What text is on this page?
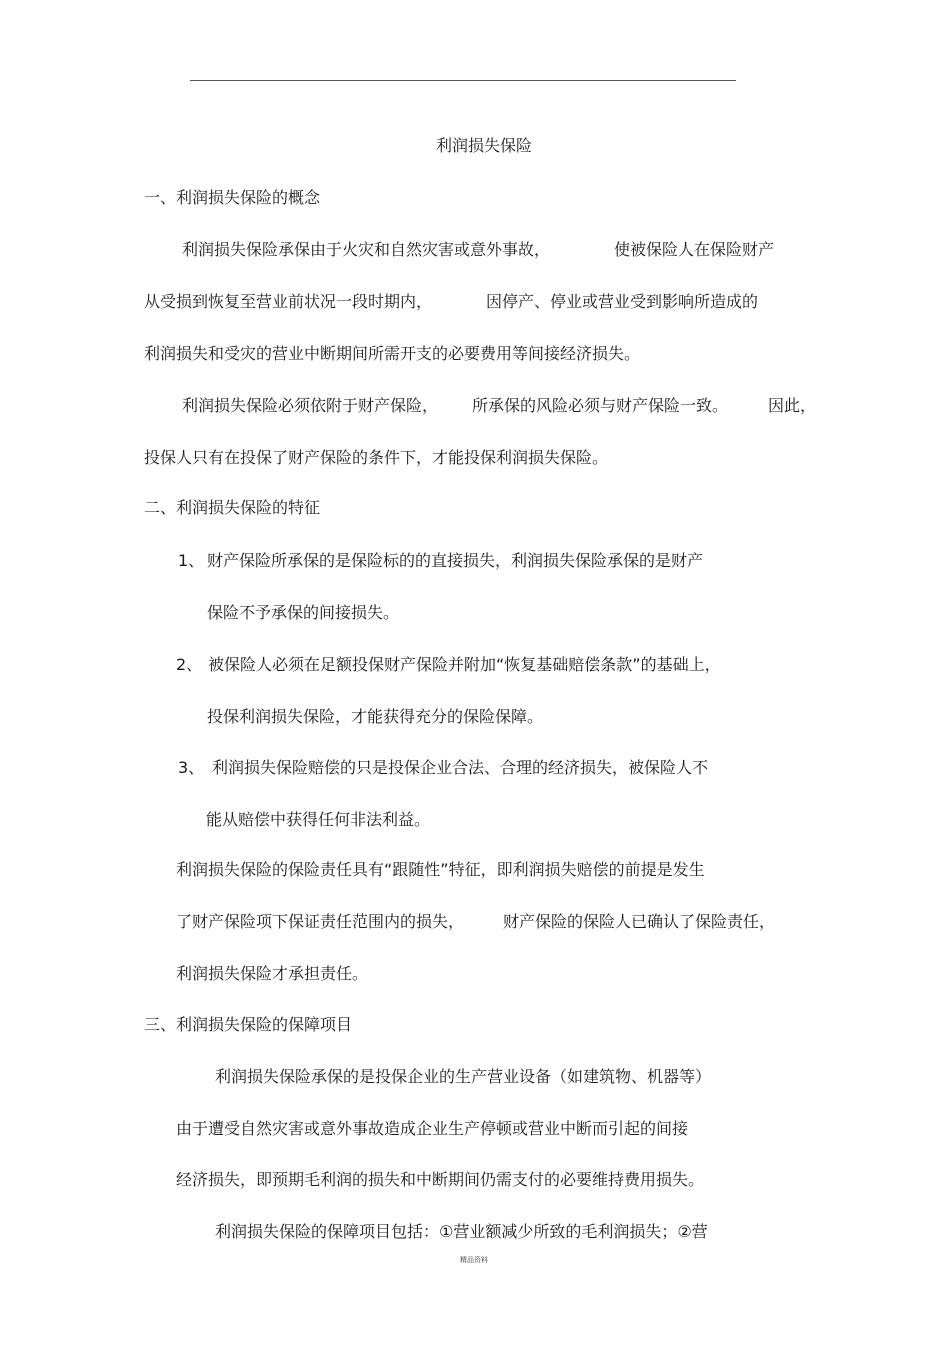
利润损失保险
一、利润损失保险的概念
利润损失保险承保由于火灾和自然灾害或意外事故，	使被保险人在保险财产
从受损到恢复至营业前状况一段时期内，	因停产、停业或营业受到影响所造成的
利润损失和受灾的营业中断期间所需开支的必要费用等间接经济损失。
利润损失保险必须依附于财产保险， 所承保的风险必须与财产保险一致。 因此，
投保人只有在投保了财产保险的条件下，才能投保利润损失保险。
二、利润损失保险的特征
1、 财产保险所承保的是保险标的的直接损失，利润损失保险承保的是财产
保险不予承保的间接损失。
2、 被保险人必须在足额投保财产保险并附加“恢复基础赔偿条款”的基础上，
投保利润损失保险，才能获得充分的保险保障。
3、 利润损失保险赔偿的只是投保企业合法、合理的经济损失，被保险人不
能从赔偿中获得任何非法利益。
利润损失保险的保险责任具有“跟随性”特征，即利润损失赔偿的前提是发生
了财产保险项下保证责任范围内的损失， 财产保险的保险人已确认了保险责任，
利润损失保险才承担责任。
三、利润损失保险的保障项目
利润损失保险承保的是投保企业的生产营业设备（如建筑物、机器等）
由于遭受自然灾害或意外事故造成企业生产停顿或营业中断而引起的间接
经济损失，即预期毛利润的损失和中断期间仍需支付的必要维持费用损失。
利润损失保险的保障项目包括：①营业额减少所致的毛利润损失；②营
精品资料
